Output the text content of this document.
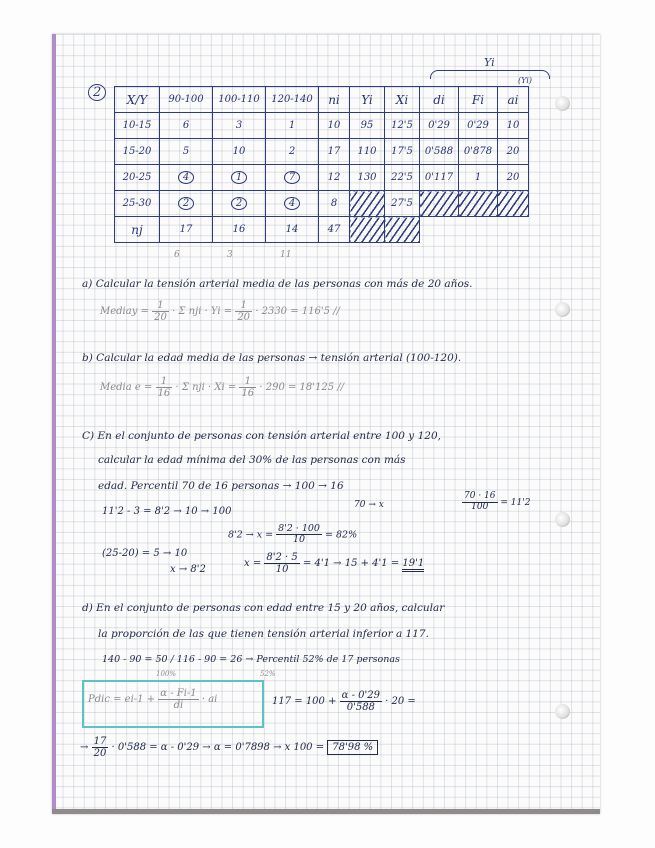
2
Yi
(Yi)
X/Y	90-100	100-110	120-140	ni	Yi	Xi	di	Fi	ai
10-15	6	3	1	10	95	12'5	0'29	0'29	10
15-20	5	10	2	17	110	17'5	0'588	0'878	20
20-25	4	1	7	12	130	22'5	0'117	1	20
25-30	2	2	4	8		27'5			
nj	17	16	14	47					
6	3	11
a) Calcular la tensión arterial media de las personas con más de 20 años.
Mediay = $\frac{1}{20} \cdot \Sigma$ nji · $Yi = \frac{1}{20} \cdot 2330 = 116'5$ //
b) Calcular la edad media de las personas → tensión arterial (100-120).
Media $e = \frac{1}{16} \cdot \Sigma$ nji · $Xi = \frac{1}{16} \cdot 290 = 18'125$ //
C) En el conjunto de personas con tensión arterial entre 100 y 120,
calcular la edad mínima del 30% de las personas con más
edad. Percentil 70 de 16 personas → 100 → 16
70 → x	$\frac{70 \cdot 16}{100} = 11'2$
11'2 - 3 = 8'2 → 10 → 100
$8'2 \to x = \frac{8'2 \cdot 100}{10} = 82\%$
(25-20) = 5 → 10
x → 8'2
$x = \frac{8'2 \cdot 5}{10} = 4'1 \to 15 + 4'1 = 19'1$
d) En el conjunto de personas con edad entre 15 y 20 años, calcular
la proporción de las que tienen tensión arterial inferior a 117.
140 - 90 = 50 / 116 - 90 = 26 → Percentil 52% de 17 personas
100%	52%
Pdic = $ei-1 + \frac{\alpha - Fi-1}{di}$ · ai	$117 = 100 + \frac{\alpha - 0'29}{0'588} \cdot 20$ =
→ $\frac{17}{20} \cdot 0'588 = \alpha - 0'29 \to \alpha = 0'7898 \to x$ 100 = 78'98 %
